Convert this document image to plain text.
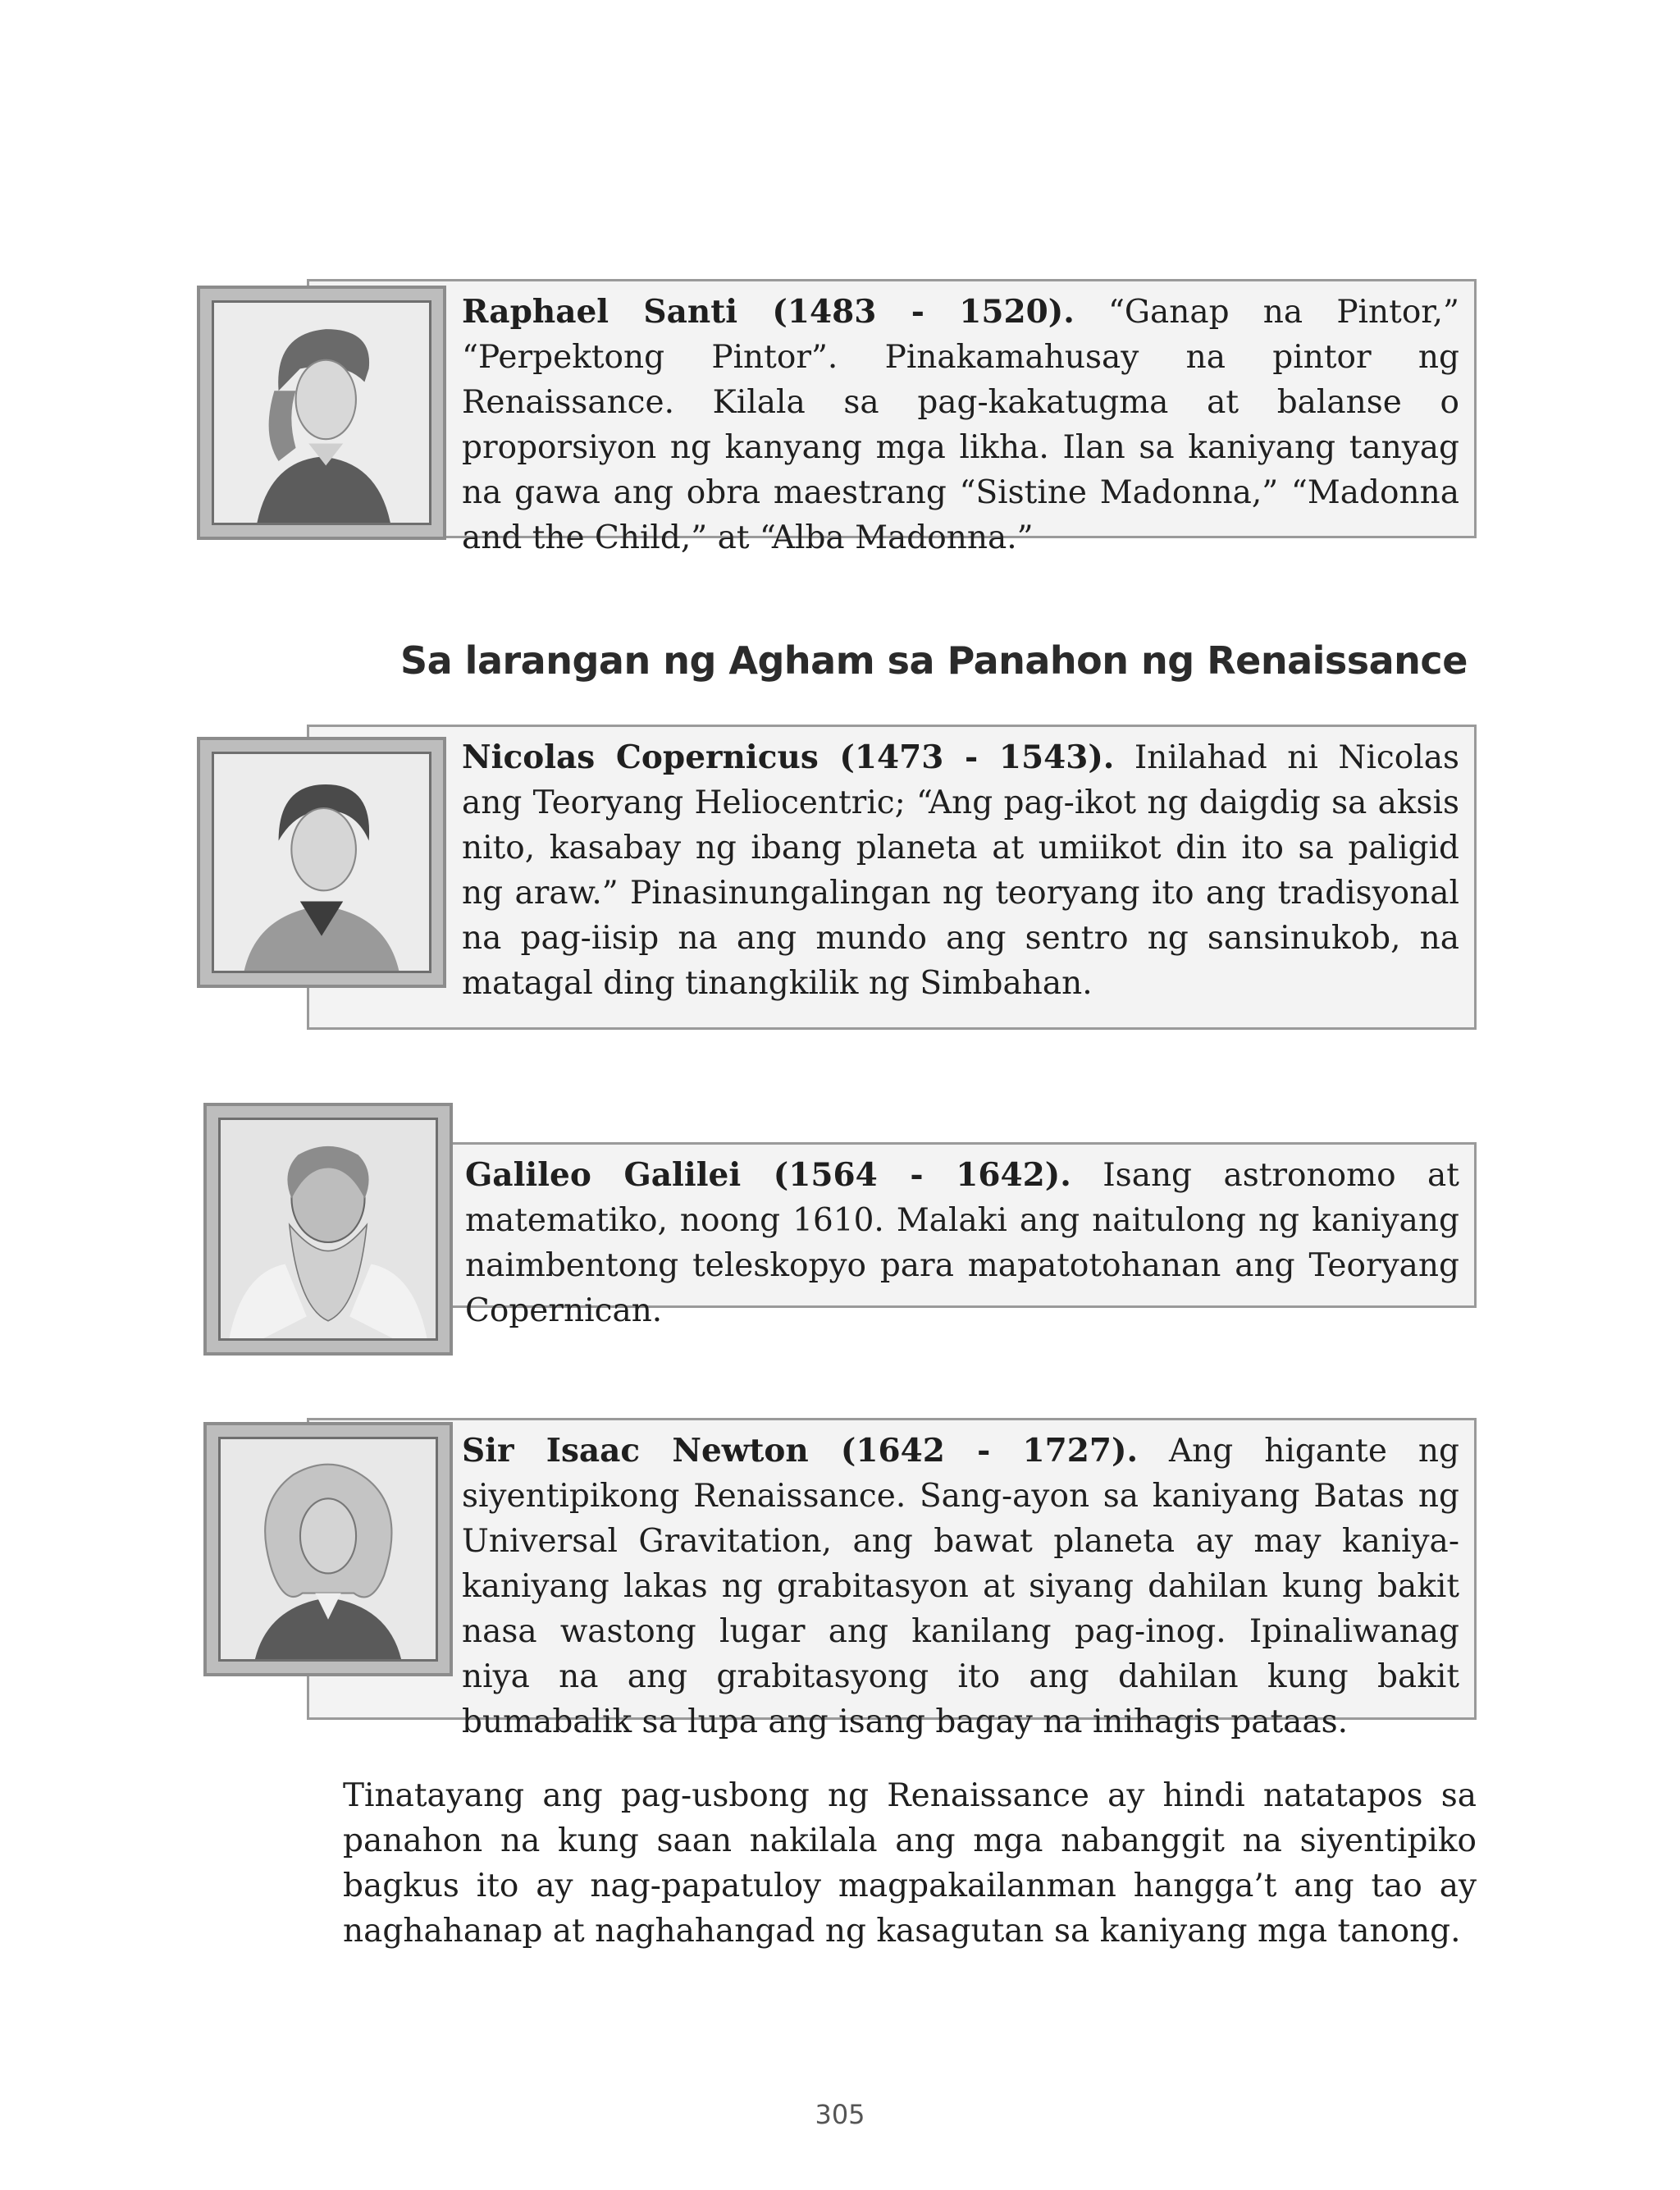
Raphael Santi (1483 - 1520). “Ganap na Pintor,” “Perpektong Pintor”. Pinakamahusay na pintor ng Renaissance. Kilala sa pag-kakatugma at balanse o proporsiyon ng kanyang mga likha. Ilan sa kaniyang tanyag na gawa ang obra maestrang “Sistine Madonna,” “Madonna and the Child,” at “Alba Madonna.”
Sa larangan ng Agham sa Panahon ng Renaissance
Nicolas Copernicus (1473 - 1543). Inilahad ni Nicolas ang Teoryang Heliocentric; “Ang pag-ikot ng daigdig sa aksis nito, kasabay ng ibang planeta at umiikot din ito sa paligid ng araw.” Pinasinungalingan ng teoryang ito ang tradisyonal na pag-iisip na ang mundo ang sentro ng sansinukob, na matagal ding tinangkilik ng Simbahan.
Galileo Galilei (1564 - 1642). Isang astronomo at matematiko, noong 1610. Malaki ang naitulong ng kaniyang naimbentong teleskopyo para mapatotohanan ang Teoryang Copernican.
Sir Isaac Newton (1642 - 1727). Ang higante ng siyentipikong Renaissance. Sang-ayon sa kaniyang Batas ng Universal Gravitation, ang bawat planeta ay may kaniya-kaniyang lakas ng grabitasyon at siyang dahilan kung bakit nasa wastong lugar ang kanilang pag-inog. Ipinaliwanag niya na ang grabitasyong ito ang dahilan kung bakit bumabalik sa lupa ang isang bagay na inihagis pataas.
Tinatayang ang pag-usbong ng Renaissance ay hindi natatapos sa panahon na kung saan nakilala ang mga nabanggit na siyentipiko bagkus ito ay nag-papatuloy magpakailanman hangga’t ang tao ay naghahanap at naghahangad ng kasagutan sa kaniyang mga tanong.
305
